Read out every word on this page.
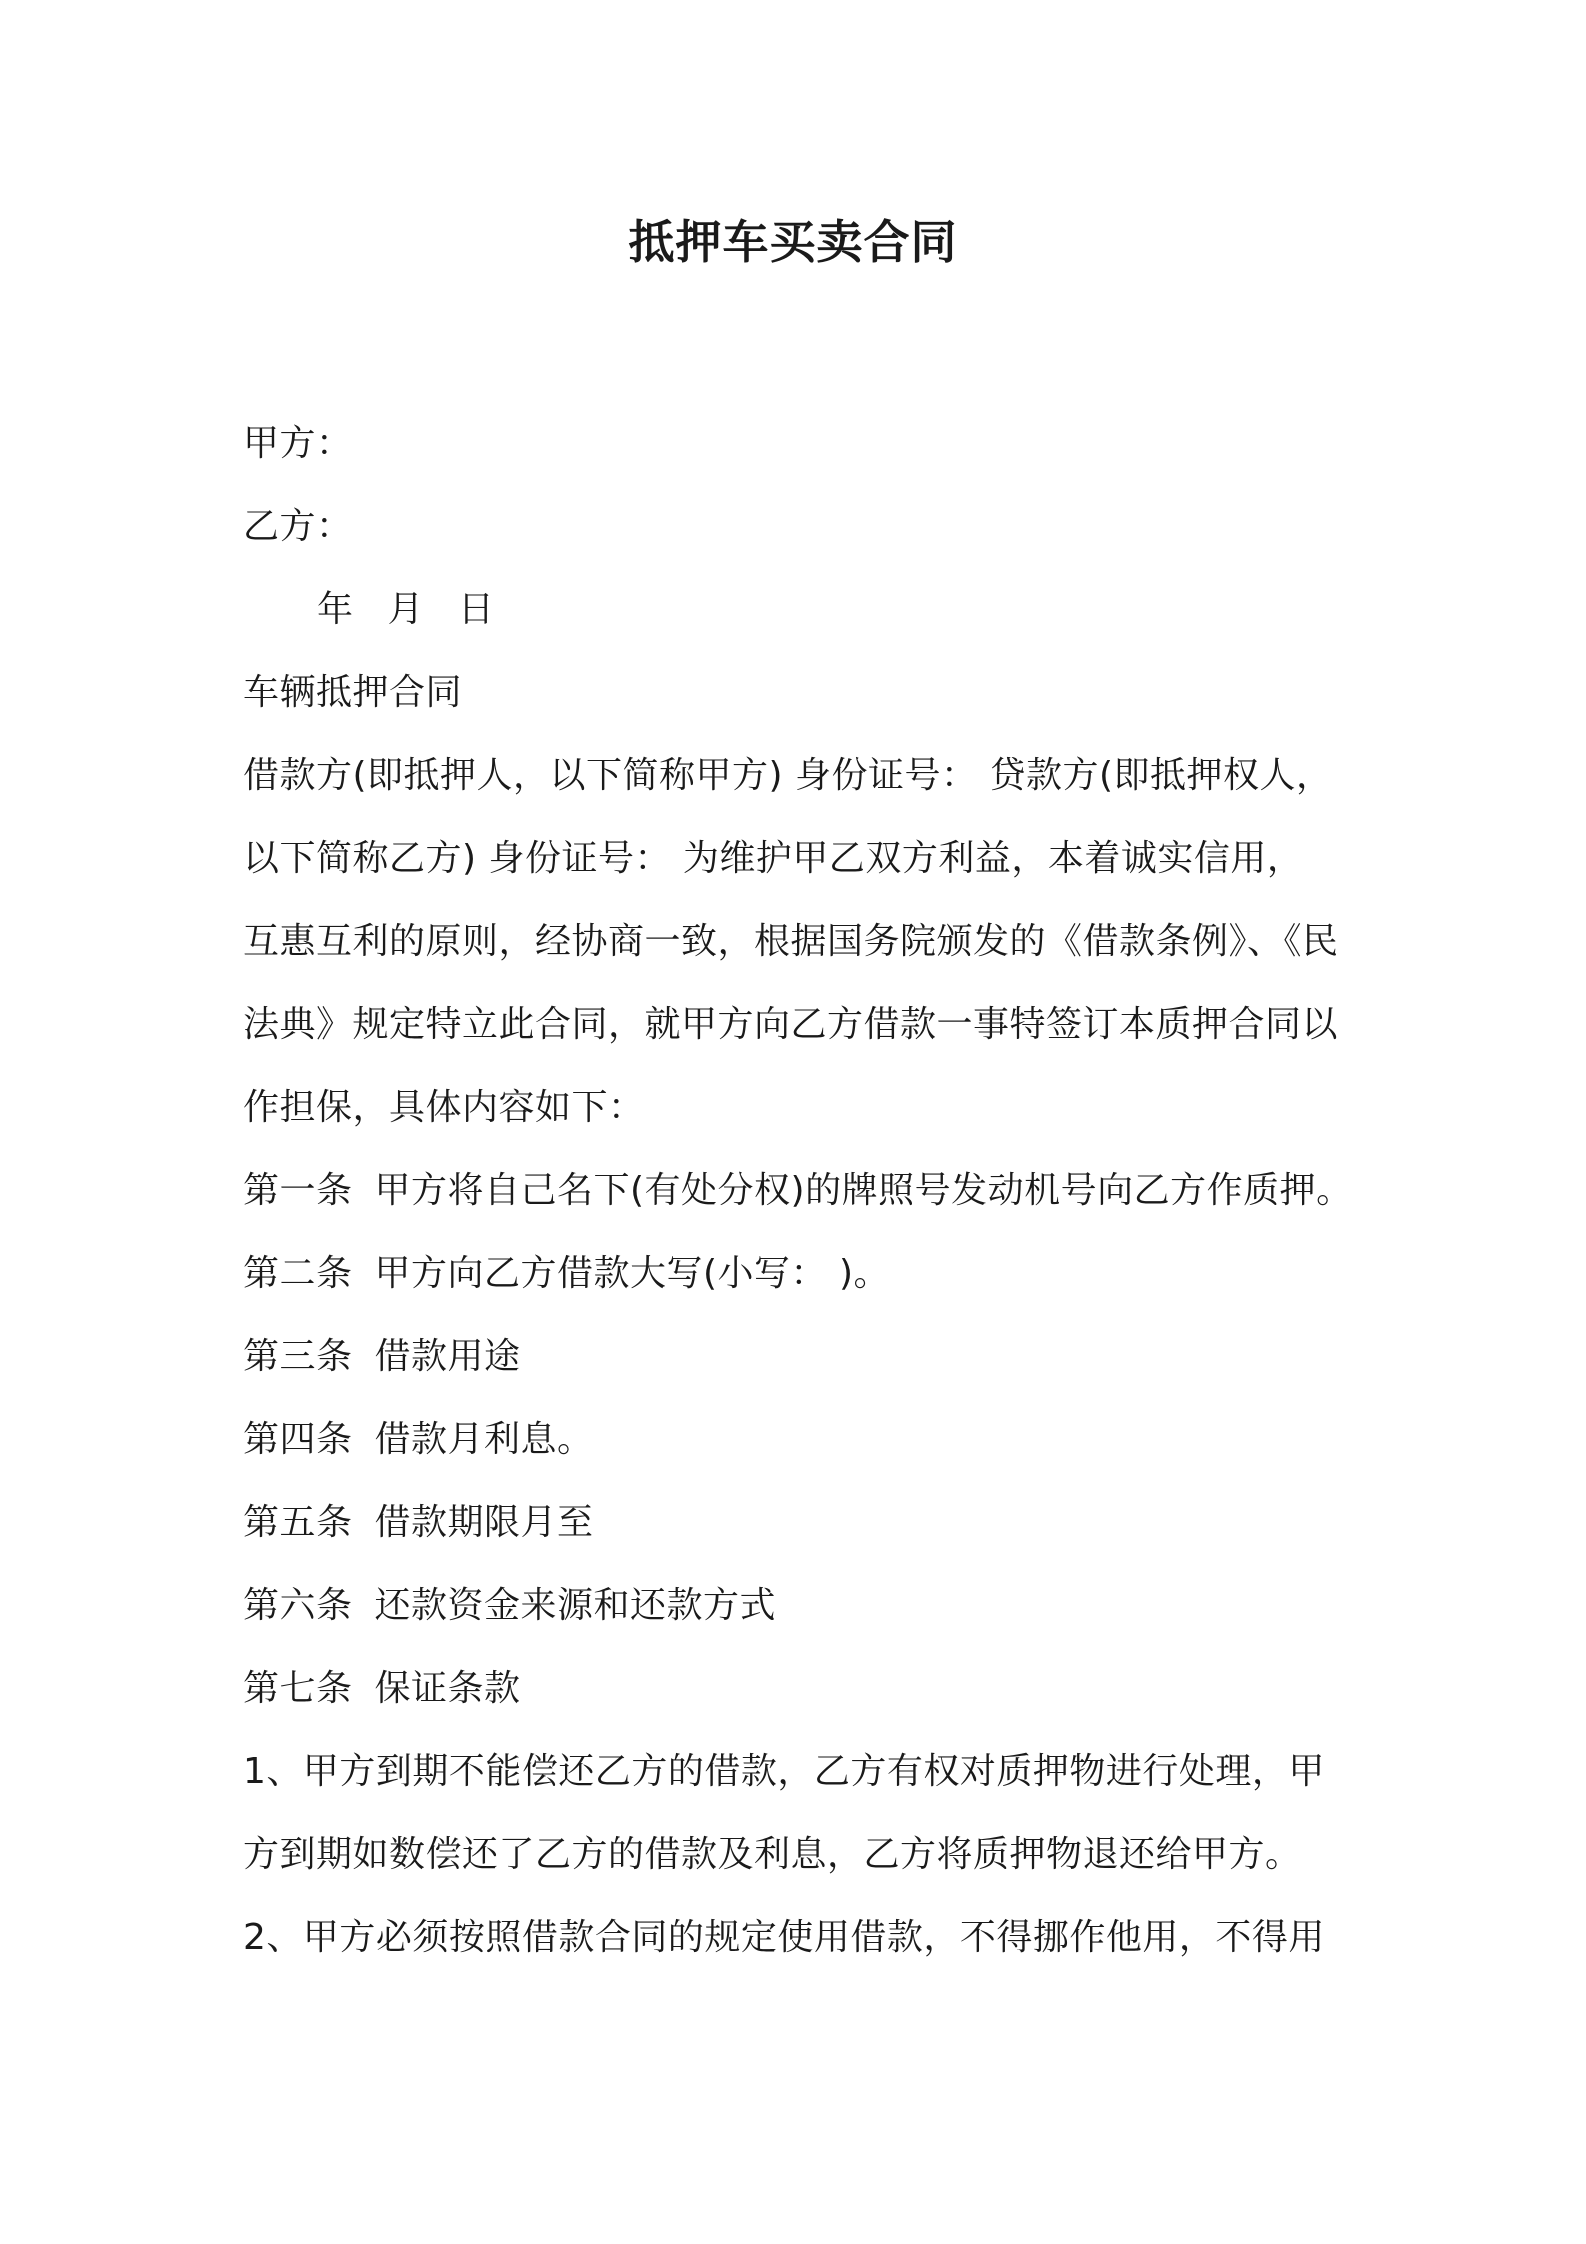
抵押车买卖合同
甲方：
乙方：
年 月 日
车辆抵押合同
借款方(即抵押人，以下简称甲方) 身份证号： 贷款方(即抵押权人，
以下简称乙方) 身份证号： 为维护甲乙双方利益，本着诚实信用，
互惠互利的原则，经协商一致，根据国务院颁发的《借款条例》、《民
法典》规定特立此合同，就甲方向乙方借款一事特签订本质押合同以
作担保，具体内容如下：
第一条 甲方将自己名下(有处分权)的牌照号发动机号向乙方作质押。
第二条 甲方向乙方借款大写(小写： )。
第三条 借款用途
第四条 借款月利息。
第五条 借款期限月至
第六条 还款资金来源和还款方式
第七条 保证条款
1、甲方到期不能偿还乙方的借款，乙方有权对质押物进行处理，甲
方到期如数偿还了乙方的借款及利息，乙方将质押物退还给甲方。
2、甲方必须按照借款合同的规定使用借款，不得挪作他用，不得用
